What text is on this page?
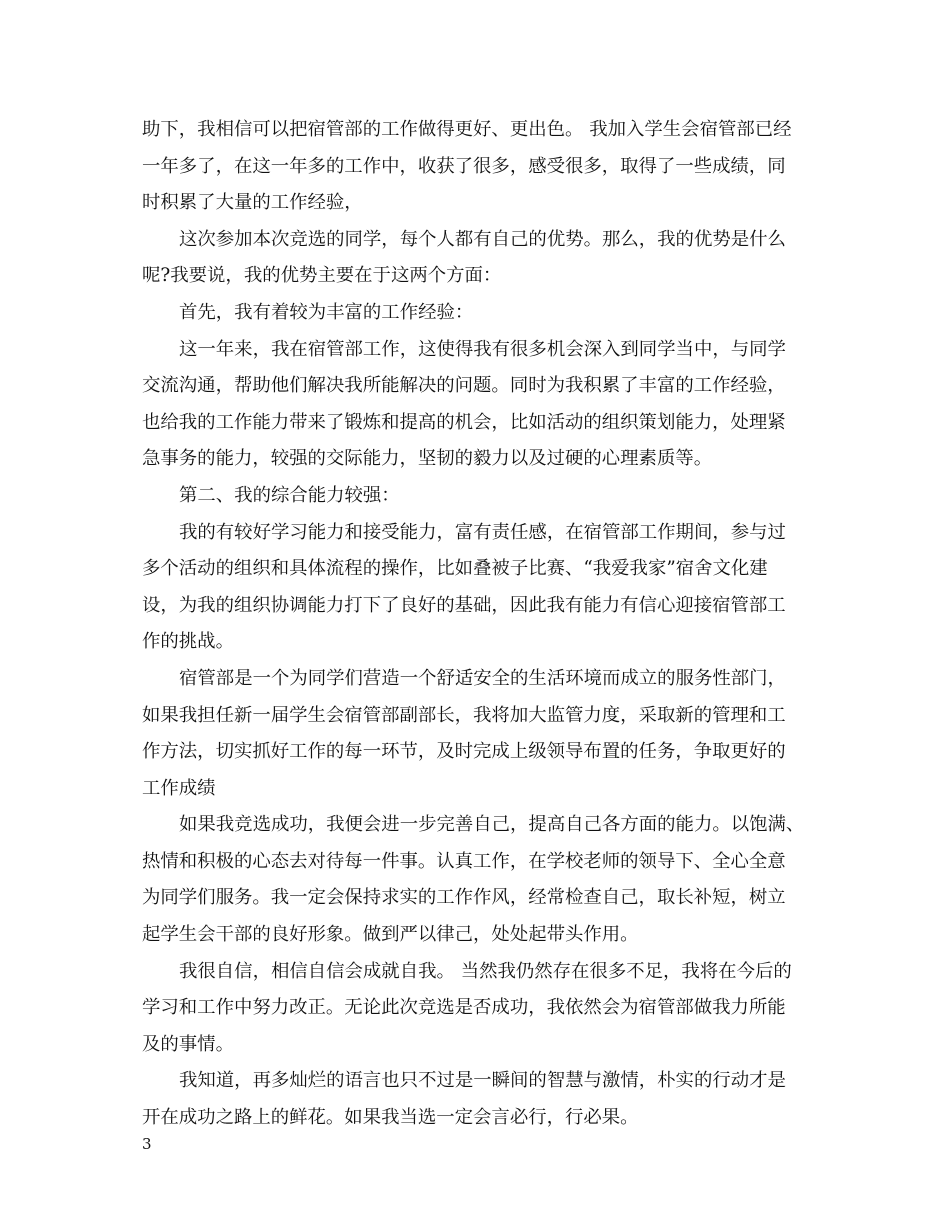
助下，我相信可以把宿管部的工作做得更好、更出色。 我加入学生会宿管部已经
一年多了，在这一年多的工作中，收获了很多，感受很多，取得了一些成绩，同
时积累了大量的工作经验，
这次参加本次竞选的同学，每个人都有自己的优势。那么，我的优势是什么
呢?我要说，我的优势主要在于这两个方面：
首先，我有着较为丰富的工作经验：
这一年来，我在宿管部工作，这使得我有很多机会深入到同学当中，与同学
交流沟通，帮助他们解决我所能解决的问题。同时为我积累了丰富的工作经验，
也给我的工作能力带来了锻炼和提高的机会，比如活动的组织策划能力，处理紧
急事务的能力，较强的交际能力，坚韧的毅力以及过硬的心理素质等。
第二、我的综合能力较强：
我的有较好学习能力和接受能力，富有责任感，在宿管部工作期间，参与过
多个活动的组织和具体流程的操作，比如叠被子比赛、“我爱我家”宿舍文化建
设，为我的组织协调能力打下了良好的基础，因此我有能力有信心迎接宿管部工
作的挑战。
宿管部是一个为同学们营造一个舒适安全的生活环境而成立的服务性部门，
如果我担任新一届学生会宿管部副部长，我将加大监管力度，采取新的管理和工
作方法，切实抓好工作的每一环节，及时完成上级领导布置的任务，争取更好的
工作成绩
如果我竞选成功，我便会进一步完善自己，提高自己各方面的能力。以饱满、
热情和积极的心态去对待每一件事。认真工作，在学校老师的领导下、全心全意
为同学们服务。我一定会保持求实的工作作风，经常检查自己，取长补短，树立
起学生会干部的良好形象。做到严以律己，处处起带头作用。
我很自信，相信自信会成就自我。 当然我仍然存在很多不足，我将在今后的
学习和工作中努力改正。无论此次竞选是否成功，我依然会为宿管部做我力所能
及的事情。
我知道，再多灿烂的语言也只不过是一瞬间的智慧与激情，朴实的行动才是
开在成功之路上的鲜花。如果我当选一定会言必行，行必果。
3
